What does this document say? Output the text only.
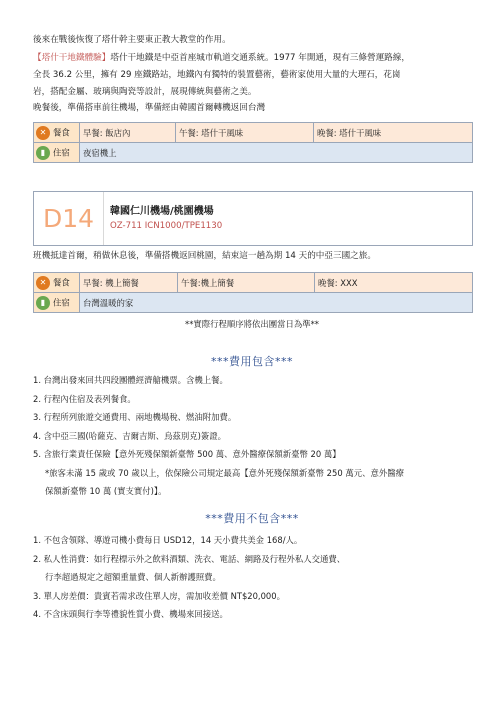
後來在戰後恢復了塔什幹主要東正教大教堂的作用。
【塔什干地鐵體驗】塔什干地鐵是中亞首座城市軌道交通系統。1977 年開通，現有三條營運路線，
全長 36.2 公里，擁有 29 座鐵路站，地鐵內有獨特的裝置藝術，藝術家使用大量的大理石，花崗
岩，搭配金屬、玻璃與陶瓷等設計，展現傳統與藝術之美。
晚餐後，準備搭車前往機場，準備經由韓國首爾轉機返回台灣
✕ 餐食	早餐: 飯店內	午餐: 塔什干風味	晚餐: 塔什干風味

▮ 住宿	夜宿機上		
D14	韓國仁川機場/桃園機場
OZ-711 ICN1000/TPE1130
班機抵達首爾，稍做休息後，準備搭機返回桃園，結束這一趟為期 14 天的中亞三國之旅。
✕ 餐食	早餐: 機上簡餐	午餐:機上簡餐	晚餐: XXX

▮ 住宿	台灣溫暖的家		
**實際行程順序將依出團當日為準**
***費用包含***
1. 台灣出發來回共四段團體經濟艙機票。含機上餐。
2. 行程內住宿及表列餐食。
3. 行程所列旅遊交通費用、兩地機場稅、燃油附加費。
4. 含中亞三國(哈薩克、吉爾吉斯、烏茲別克)簽證。
5. 含旅行業責任保險【意外死殘保額新臺幣 500 萬、意外醫療保額新臺幣 20 萬】
*旅客未滿 15 歲或 70 歲以上，依保險公司規定最高【意外死殘保額新臺幣 250 萬元、意外醫療
保額新臺幣 10 萬 (實支實付)】。
***費用不包含***
1. 不包含領隊、導遊司機小費每日 USD12，14 天小費共美金 168/人。
2. 私人性消費：如行程標示外之飲料酒類、洗衣、電話、網路及行程外私人交通費、
行李超過規定之超額重量費、個人新辦護照費。
3. 單人房差價：貴賓若需求改住單人房，需加收差價 NT$20,000。
4. 不含床頭與行李等禮貌性質小費、機場來回接送。
